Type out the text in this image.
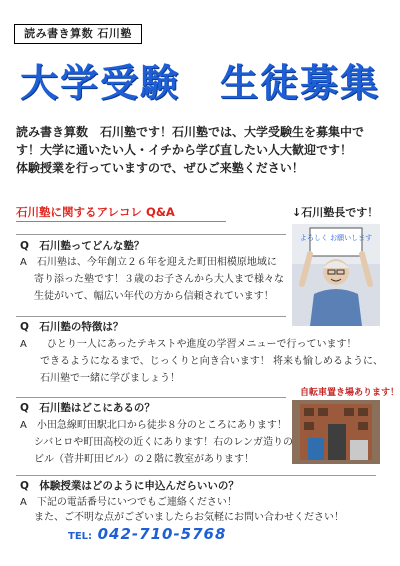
読み書き算数 石川塾
大学受験　生徒募集
読み書き算数　石川塾です！石川塾では、大学受験生を募集中で
す！大学に通いたい人・イチから学び直したい人大歓迎です！
体験授業を行っていますので、ぜひご来塾ください！
石川塾に関するアレコレ Q&A	↓石川塾長です！
よろしく お願いします
自転車置き場あります！
Q　石川塾ってどんな塾？
A　石川塾は、今年創立２６年を迎えた町田相模原地域に
寄り添った塾です！３歳のお子さんから大人まで様々な
生徒がいて、幅広い年代の方から信頼されています！
Q　石川塾の特徴は？
A　　ひとり一人にあったテキストや進度の学習メニューで行っています！
できるようになるまで、じっくりと向き合います！ 将来も愉しめるように、
石川塾で一緒に学びましょう！
Q　石川塾はどこにあるの？
A　小田急線町田駅北口から徒歩８分のところにあります！
シバヒロや町田高校の近くにあります！右のレンガ造りの
ビル（菅井町田ビル）の２階に教室があります！
Q　体験授業はどのように申込んだらいいの？
A　下記の電話番号にいつでもご連絡ください！
また、ご不明な点がございましたらお気軽にお問い合わせください！
TEL: 042-710-5768
